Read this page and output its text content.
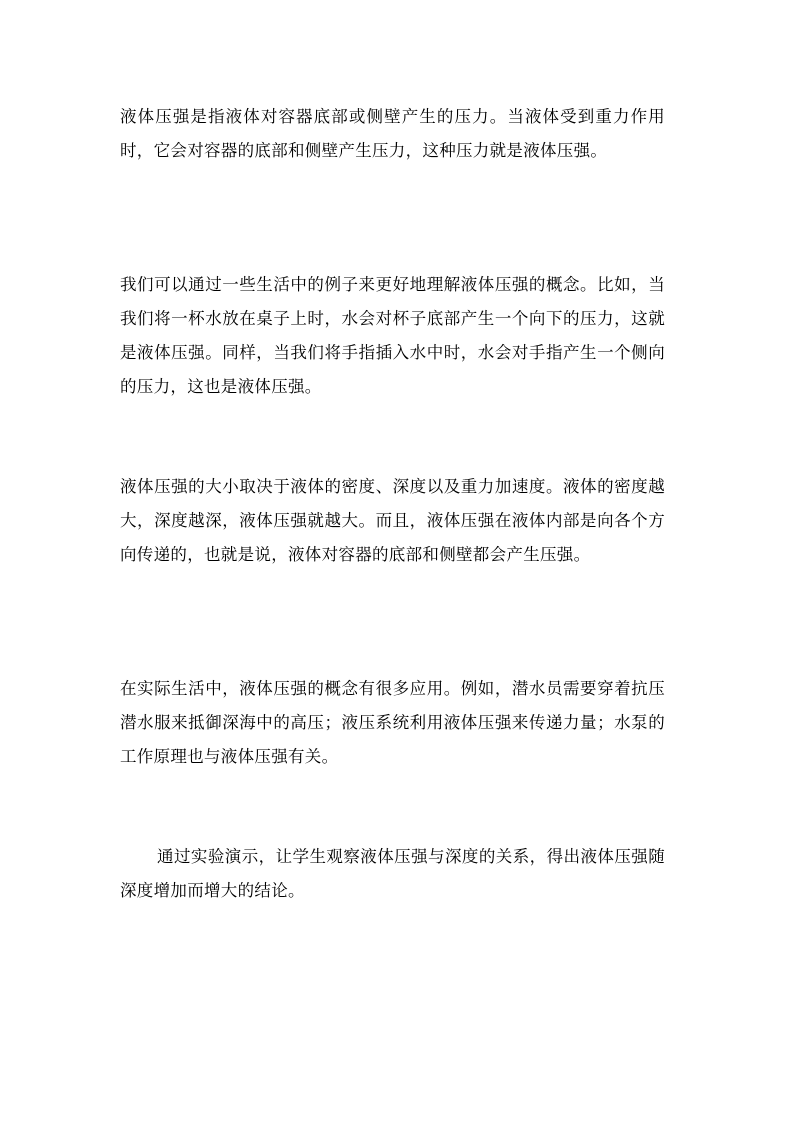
液体压强是指液体对容器底部或侧壁产生的压力。当液体受到重力作用时，它会对容器的底部和侧壁产生压力，这种压力就是液体压强。

我们可以通过一些生活中的例子来更好地理解液体压强的概念。比如，当我们将一杯水放在桌子上时，水会对杯子底部产生一个向下的压力，这就是液体压强。同样，当我们将手指插入水中时，水会对手指产生一个侧向的压力，这也是液体压强。

液体压强的大小取决于液体的密度、深度以及重力加速度。液体的密度越大，深度越深，液体压强就越大。而且，液体压强在液体内部是向各个方向传递的，也就是说，液体对容器的底部和侧壁都会产生压强。

在实际生活中，液体压强的概念有很多应用。例如，潜水员需要穿着抗压潜水服来抵御深海中的高压；液压系统利用液体压强来传递力量；水泵的工作原理也与液体压强有关。

通过实验演示，让学生观察液体压强与深度的关系，得出液体压强随深度增加而增大的结论。
